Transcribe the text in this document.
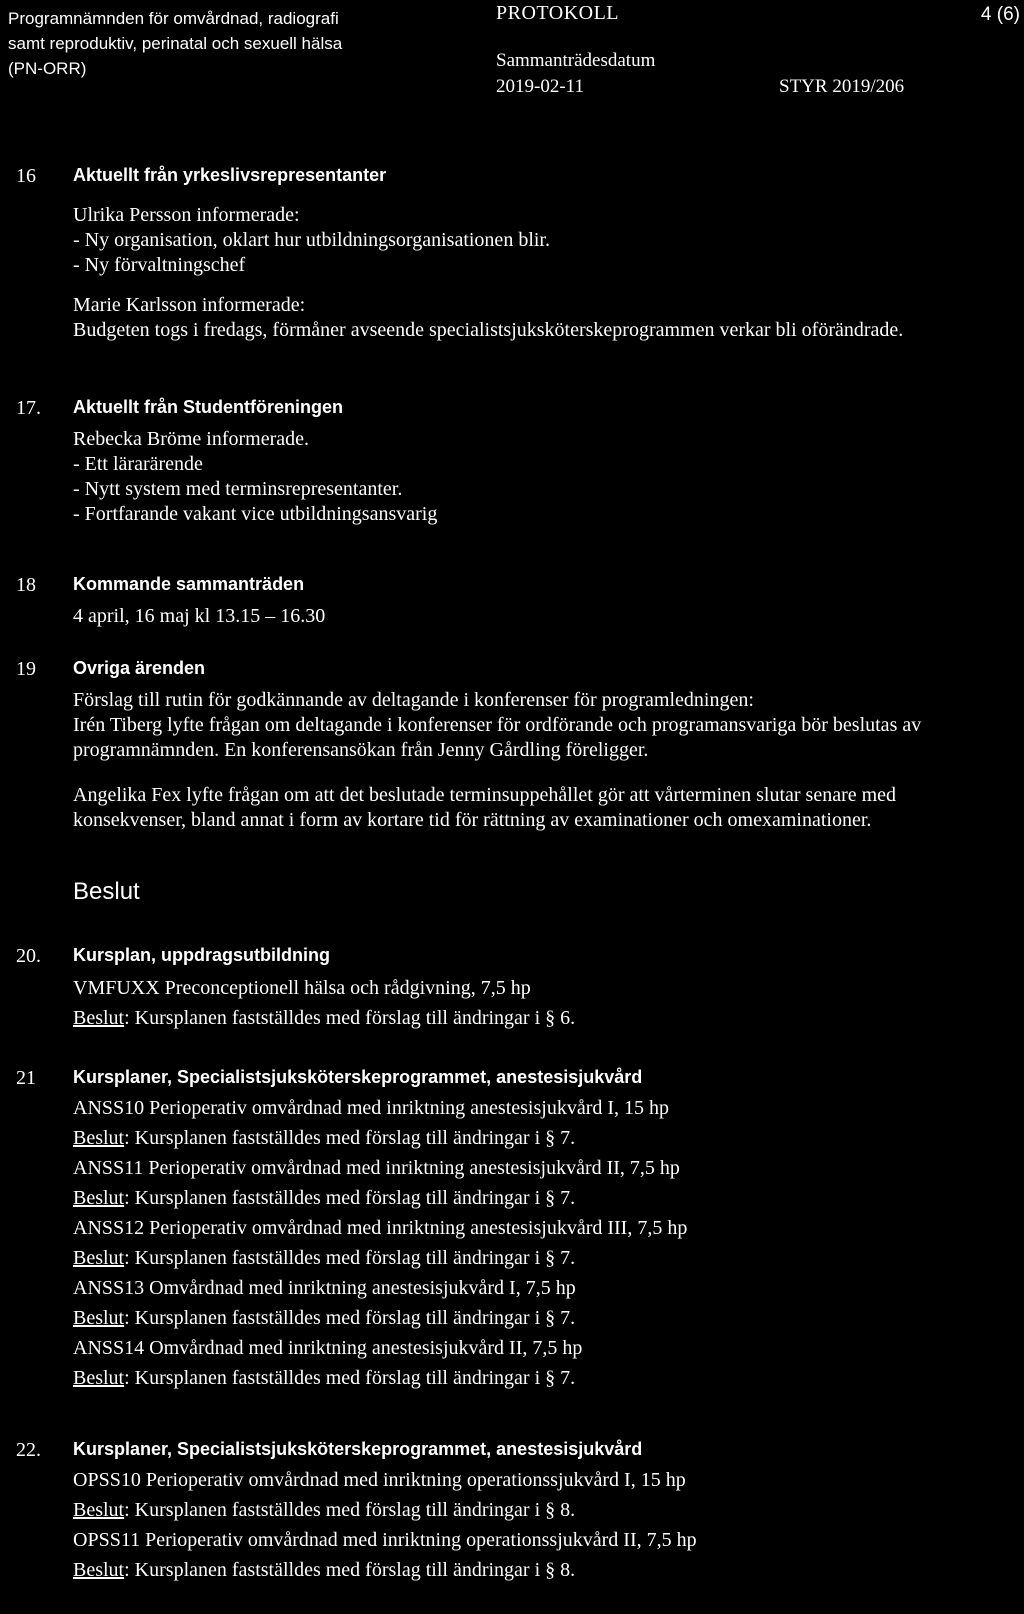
Programnämnden för omvårdnad, radiografi
samt reproduktiv, perinatal och sexuell hälsa
(PN-ORR)
PROTOKOLL	4 (6)
Sammanträdesdatum
2019-02-11	STYR 2019/206
16 Aktuellt från yrkeslivsrepresentanter

Ulrika Persson informerade:

- Ny organisation, oklart hur utbildningsorganisationen blir.

- Ny förvaltningschef

Marie Karlsson informerade:

Budgeten togs i fredags, förmåner avseende specialistsjuksköterskeprogrammen verkar bli oförändrade.

17. Aktuellt från Studentföreningen

Rebecka Bröme informerade.

- Ett lärarärende

- Nytt system med terminsrepresentanter.

- Fortfarande vakant vice utbildningsansvarig

18 Kommande sammanträden

4 april, 16 maj kl 13.15 – 16.30

19 Ovriga ärenden

Förslag till rutin för godkännande av deltagande i konferenser för programledningen:

Irén Tiberg lyfte frågan om deltagande i konferenser för ordförande och programansvariga bör beslutas av programnämnden. En konferensansökan från Jenny Gårdling föreligger.

Angelika Fex lyfte frågan om att det beslutade terminsuppehållet gör att vårterminen slutar senare med konsekvenser, bland annat i form av kortare tid för rättning av examinationer och omexaminationer.

Beslut
20. Kursplan, uppdragsutbildning
VMFUXX Preconceptionell hälsa och rådgivning, 7,5 hp
Beslut: Kursplanen fastställdes med förslag till ändringar i § 6.
21 Kursplaner, Specialistsjuksköterskeprogrammet, anestesisjukvård
ANSS10 Perioperativ omvårdnad med inriktning anestesisjukvård I, 15 hp
Beslut: Kursplanen fastställdes med förslag till ändringar i § 7.
ANSS11 Perioperativ omvårdnad med inriktning anestesisjukvård II, 7,5 hp
Beslut: Kursplanen fastställdes med förslag till ändringar i § 7.
ANSS12 Perioperativ omvårdnad med inriktning anestesisjukvård III, 7,5 hp
Beslut: Kursplanen fastställdes med förslag till ändringar i § 7.
ANSS13 Omvårdnad med inriktning anestesisjukvård I, 7,5 hp
Beslut: Kursplanen fastställdes med förslag till ändringar i § 7.
ANSS14 Omvårdnad med inriktning anestesisjukvård II, 7,5 hp
Beslut: Kursplanen fastställdes med förslag till ändringar i § 7.
22. Kursplaner, Specialistsjuksköterskeprogrammet, anestesisjukvård
OPSS10 Perioperativ omvårdnad med inriktning operationssjukvård I, 15 hp
Beslut: Kursplanen fastställdes med förslag till ändringar i § 8.
OPSS11 Perioperativ omvårdnad med inriktning operationssjukvård II, 7,5 hp
Beslut: Kursplanen fastställdes med förslag till ändringar i § 8.
